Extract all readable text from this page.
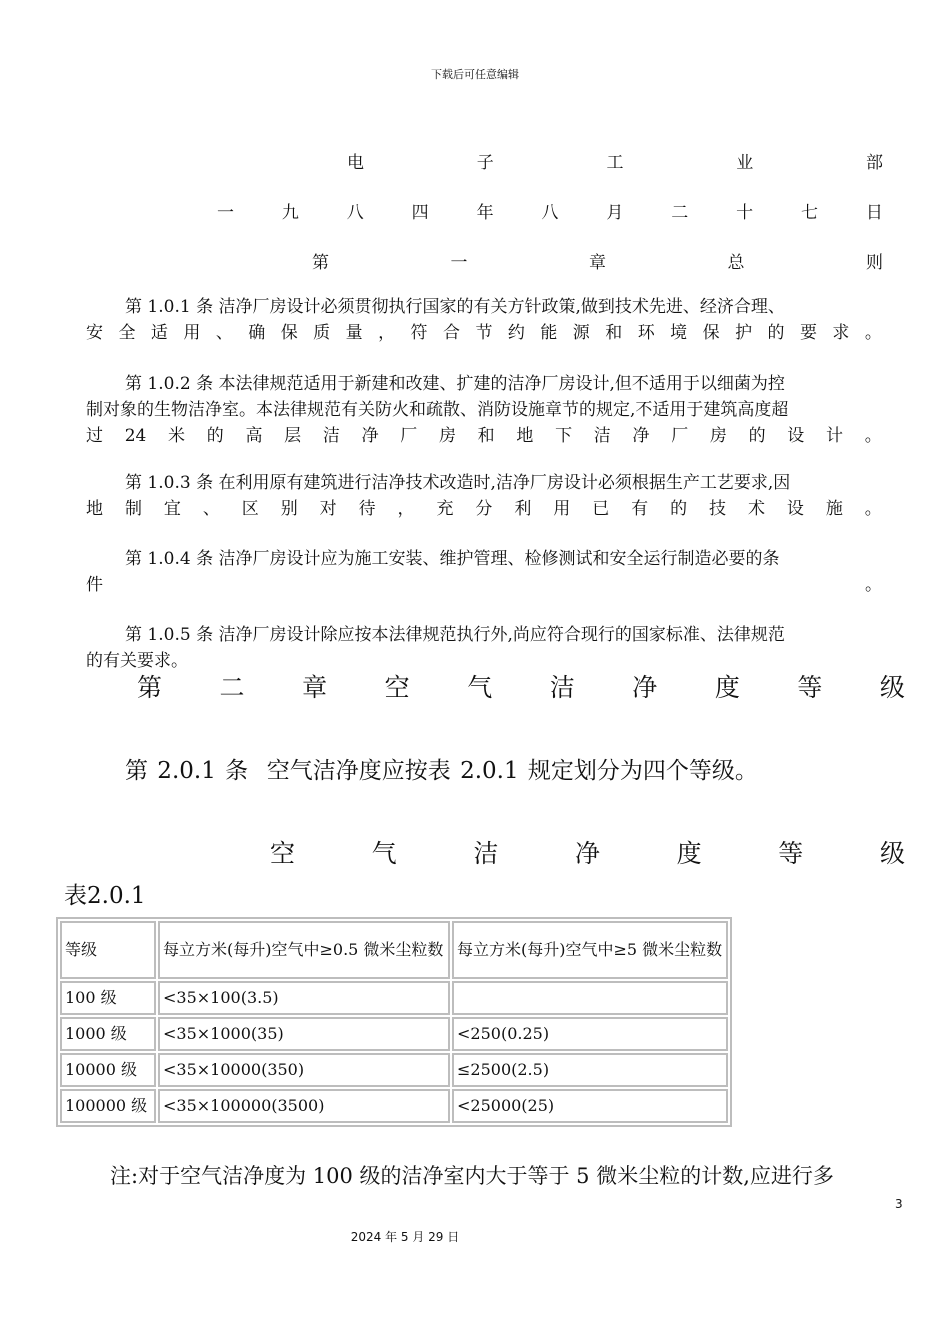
下载后可任意编辑
电	子	工	业	部
一	九	八	四	年	八	月	二	十	七	日
第	一	章	总	则
第 1.0.1 条 洁净厂房设计必须贯彻执行国家的有关方针政策,做到技术先进、经济合理、
安 全 适 用 、 确 保 质 量 ， 符 合 节 约 能 源 和 环 境 保 护 的 要 求 。
第 1.0.2 条 本法律规范适用于新建和改建、扩建的洁净厂房设计,但不适用于以细菌为控
制对象的生物洁净室。本法律规范有关防火和疏散、消防设施章节的规定,不适用于建筑高度超
过 24 米 的 高 层 洁 净 厂 房 和 地 下 洁 净 厂 房 的 设 计 。
第 1.0.3 条 在利用原有建筑进行洁净技术改造时,洁净厂房设计必须根据生产工艺要求,因
地 制 宜 、 区 别 对 待 ， 充 分 利 用 已 有 的 技 术 设 施 。
第 1.0.4 条 洁净厂房设计应为施工安装、维护管理、检修测试和安全运行制造必要的条
件	。
第 1.0.5 条 洁净厂房设计除应按本法律规范执行外,尚应符合现行的国家标准、法律规范
的有关要求。
第 二 章 空 气 洁 净 度 等 级
第 2.0.1 条  空气洁净度应按表 2.0.1 规定划分为四个等级。
空	气	洁	净	度	等	级
表2.0.1
等级	每立方米(每升)空气中≥0.5 微米尘粒数	每立方米(每升)空气中≥5 微米尘粒数
100 级	<35×100(3.5)	
1000 级	<35×1000(35)	<250(0.25)
10000 级	<35×10000(350)	≤2500(2.5)
100000 级	<35×100000(3500)	<25000(25)
注:对于空气洁净度为 100 级的洁净室内大于等于 5 微米尘粒的计数,应进行多
3
2024 年 5 月 29 日
